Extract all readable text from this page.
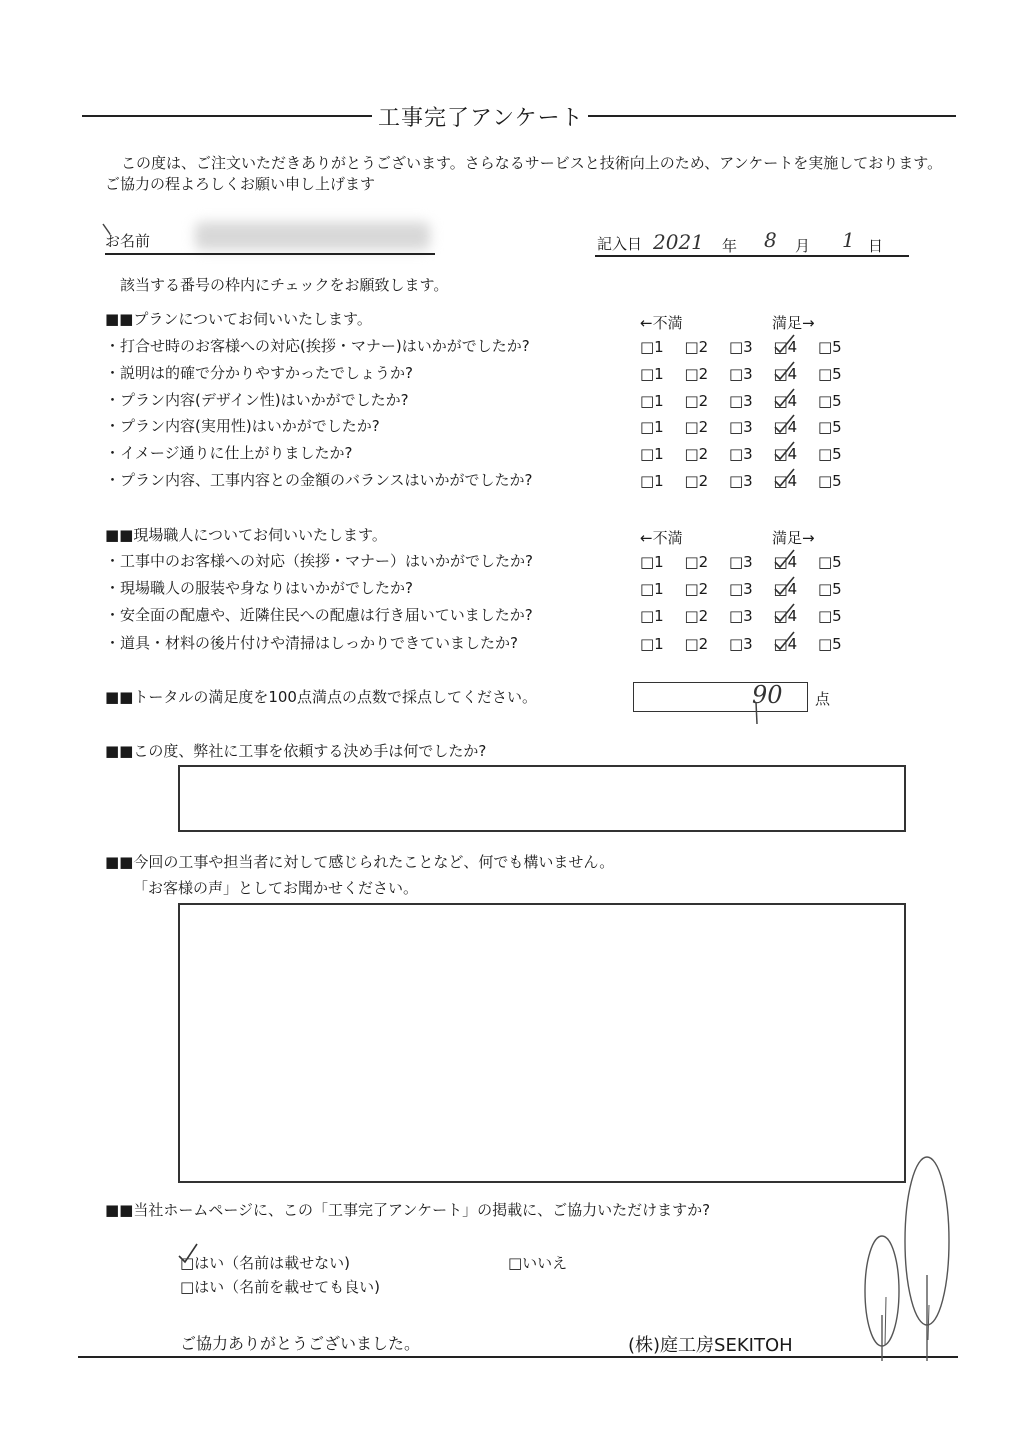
工事完了アンケート
この度は、ご注文いただきありがとうございます。さらなるサービスと技術向上のため、アンケートを実施しております。ご協力の程よろしくお願い申し上げます
お名前	記入日 2021 年 8 月 1 日
該当する番号の枠内にチェックをお願致します。
■■プランについてお伺いいたします。	←不満	満足→
・打合せ時のお客様への対応(挨拶・マナー)はいかがでしたか?	□1	□2	□3	□4	□5
・説明は的確で分かりやすかったでしょうか?	□1	□2	□3	□4	□5
・プラン内容(デザイン性)はいかがでしたか?	□1	□2	□3	□4	□5
・プラン内容(実用性)はいかがでしたか?	□1	□2	□3	□4	□5
・イメージ通りに仕上がりましたか?	□1	□2	□3	□4	□5
・プラン内容、工事内容との金額のバランスはいかがでしたか?	□1	□2	□3	□4	□5
■■現場職人についてお伺いいたします。	←不満	満足→
・工事中のお客様への対応（挨拶・マナー）はいかがでしたか?	□1	□2	□3	□4	□5
・現場職人の服装や身なりはいかがでしたか?	□1	□2	□3	□4	□5
・安全面の配慮や、近隣住民への配慮は行き届いていましたか?	□1	□2	□3	□4	□5
・道具・材料の後片付けや清掃はしっかりできていましたか?	□1	□2	□3	□4	□5
■■トータルの満足度を100点満点の点数で採点してください。	90 点
■■この度、弊社に工事を依頼する決め手は何でしたか?
■■今回の工事や担当者に対して感じられたことなど、何でも構いません。
「お客様の声」としてお聞かせください。
■■当社ホームページに、この「工事完了アンケート」の掲載に、ご協力いただけますか?
□はい（名前は載せない)
□はい（名前を載せても良い)
□いいえ
ご協力ありがとうございました。	(株)庭工房SEKITOH
